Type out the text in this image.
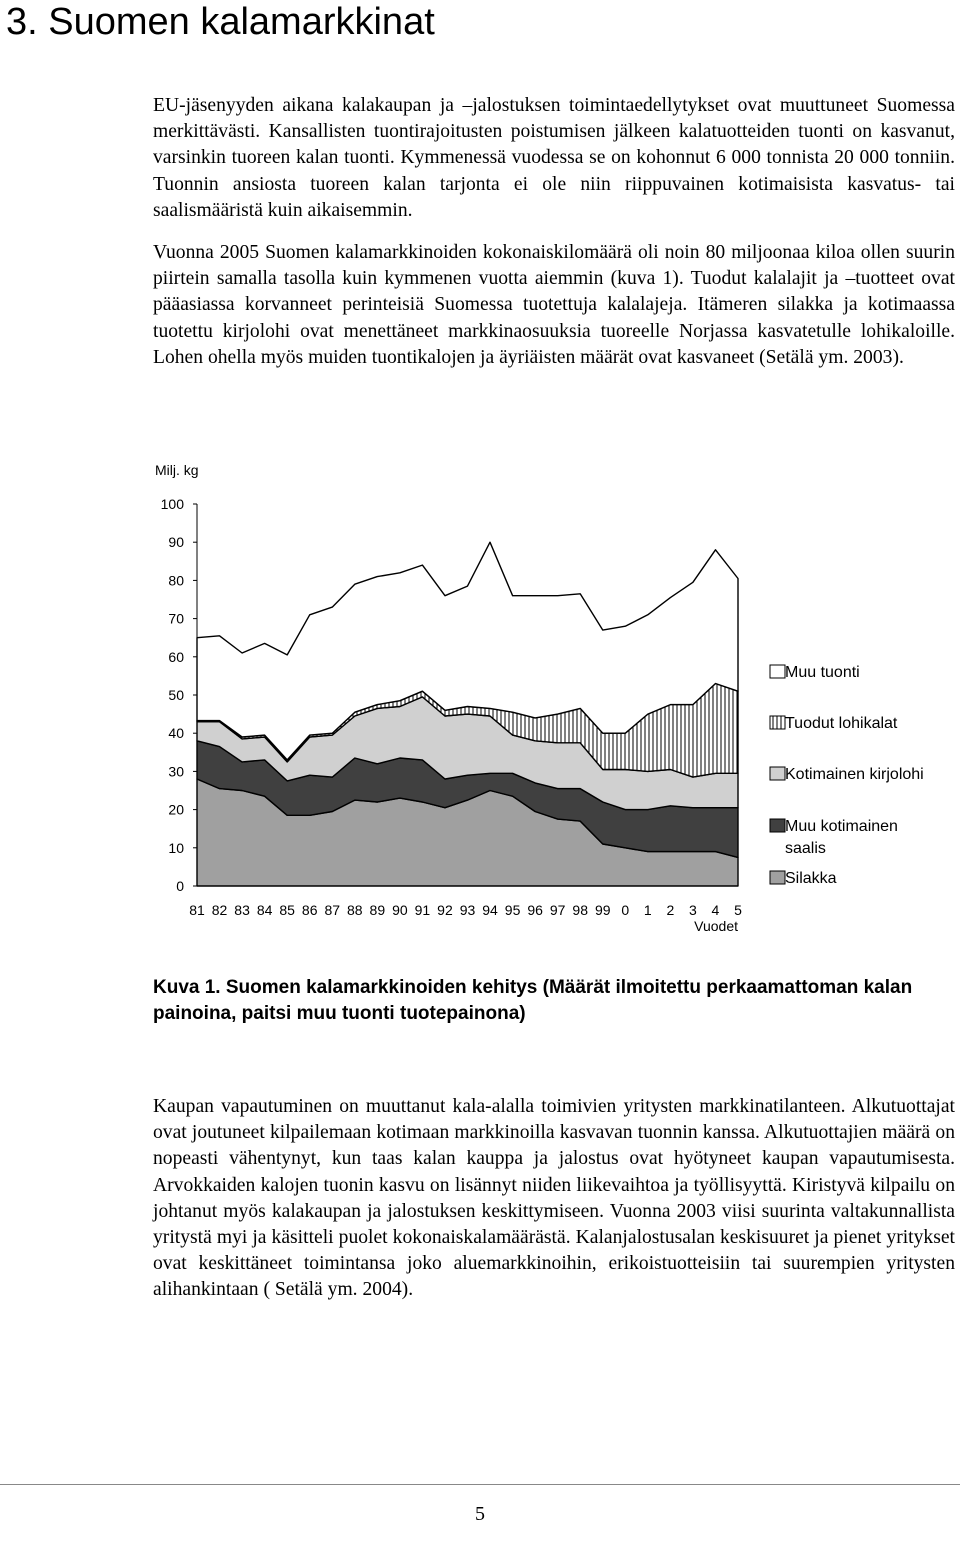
3. Suomen kalamarkkinat

EU-jäsenyyden aikana kalakaupan ja –jalostuksen toimintaedellytykset ovat muuttuneet Suomessa merkittävästi. Kansallisten tuontirajoitusten poistumisen jälkeen kalatuotteiden tuonti on kasvanut, varsinkin tuoreen kalan tuonti. Kymmenessä vuodessa se on kohonnut 6 000 tonnista 20 000 tonniin. Tuonnin ansiosta tuoreen kalan tarjonta ei ole niin riippuvainen kotimaisista kasvatus- tai saalismääristä kuin aikaisemmin.

Vuonna 2005 Suomen kalamarkkinoiden kokonaiskilomäärä oli noin 80 miljoonaa kiloa ollen suurin piirtein samalla tasolla kuin kymmenen vuotta aiemmin (kuva 1). Tuodut kalalajit ja –tuotteet ovat pääasiassa korvanneet perinteisiä Suomessa tuotettuja kalalajeja. Itämeren silakka ja kotimaassa tuotettu kirjolohi ovat menettäneet markkinaosuuksia tuoreelle Norjassa kasvatetulle lohikaloille. Lohen ohella myös muiden tuontikalojen ja äyriäisten määrät ovat kasvaneet (Setälä ym. 2003).

Milj. kg
0
10
20
30
40
50
60
70
80
90
100
81 82 83 84 85 86 87 88 89 90 91 92 93 94 95 96 97 98 99 0 1 2 3 4 5
Vuodet
Muu tuonti
Tuodut lohikalat
Kotimainen kirjolohi
Muu kotimainen saalis
Silakka

Kuva 1. Suomen kalamarkkinoiden kehitys (Määrät ilmoitettu perkaamattoman kalan painoina, paitsi muu tuonti tuotepainona)

Kaupan vapautuminen on muuttanut kala-alalla toimivien yritysten markkinatilanteen. Alkutuottajat ovat joutuneet kilpailemaan kotimaan markkinoilla kasvavan tuonnin kanssa. Alkutuottajien määrä on nopeasti vähentynyt, kun taas kalan kauppa ja jalostus ovat hyötyneet kaupan vapautumisesta. Arvokkaiden kalojen tuonin kasvu on lisännyt niiden liikevaihtoa ja työllisyyttä. Kiristyvä kilpailu on johtanut myös kalakaupan ja jalostuksen keskittymiseen. Vuonna 2003 viisi suurinta valtakunnallista yritystä myi ja käsitteli puolet kokonaiskalamäärästä. Kalanjalostusalan keskisuuret ja pienet yritykset ovat keskittäneet toimintansa joko aluemarkkinoihin, erikoistuotteisiin tai suurempien yritysten alihankintaan ( Setälä ym. 2004).

5
